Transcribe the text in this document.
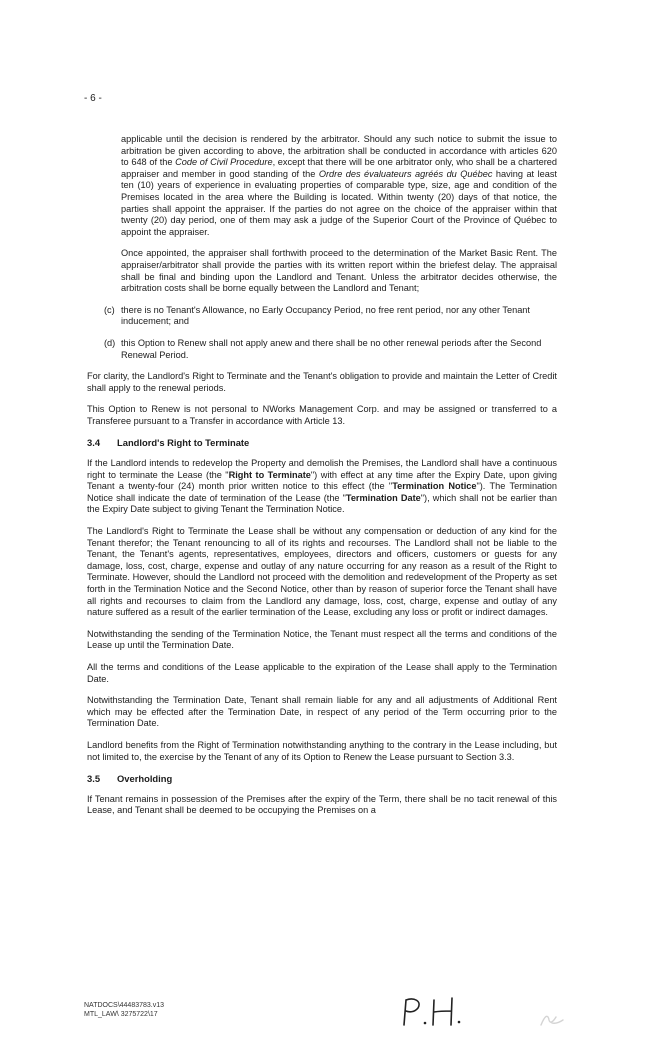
- 6 -

applicable until the decision is rendered by the arbitrator. Should any such notice to submit the issue to arbitration be given according to above, the arbitration shall be conducted in accordance with articles 620 to 648 of the Code of Civil Procedure, except that there will be one arbitrator only, who shall be a chartered appraiser and member in good standing of the Ordre des évaluateurs agréés du Québec having at least ten (10) years of experience in evaluating properties of comparable type, size, age and condition of the Premises located in the area where the Building is located. Within twenty (20) days of that notice, the parties shall appoint the appraiser. If the parties do not agree on the choice of the appraiser within that twenty (20) day period, one of them may ask a judge of the Superior Court of the Province of Québec to appoint the appraiser.

Once appointed, the appraiser shall forthwith proceed to the determination of the Market Basic Rent. The appraiser/arbitrator shall provide the parties with its written report within the briefest delay. The appraisal shall be final and binding upon the Landlord and Tenant. Unless the arbitrator decides otherwise, the arbitration costs shall be borne equally between the Landlord and Tenant;

(c) there is no Tenant's Allowance, no Early Occupancy Period, no free rent period, nor any other Tenant inducement; and
(d) this Option to Renew shall not apply anew and there shall be no other renewal periods after the Second Renewal Period.

For clarity, the Landlord's Right to Terminate and the Tenant's obligation to provide and maintain the Letter of Credit shall apply to the renewal periods.

This Option to Renew is not personal to NWorks Management Corp. and may be assigned or transferred to a Transferee pursuant to a Transfer in accordance with Article 13.

3.4	Landlord's Right to Terminate

If the Landlord intends to redevelop the Property and demolish the Premises, the Landlord shall have a continuous right to terminate the Lease (the "Right to Terminate") with effect at any time after the Expiry Date, upon giving Tenant a twenty-four (24) month prior written notice to this effect (the "Termination Notice"). The Termination Notice shall indicate the date of termination of the Lease (the "Termination Date"), which shall not be earlier than the Expiry Date subject to giving Tenant the Termination Notice.

The Landlord's Right to Terminate the Lease shall be without any compensation or deduction of any kind for the Tenant therefor; the Tenant renouncing to all of its rights and recourses. The Landlord shall not be liable to the Tenant, the Tenant's agents, representatives, employees, directors and officers, customers or guests for any damage, loss, cost, charge, expense and outlay of any nature occurring for any reason as a result of the Right to Terminate. However, should the Landlord not proceed with the demolition and redevelopment of the Property as set forth in the Termination Notice and the Second Notice, other than by reason of superior force the Tenant shall have all rights and recourses to claim from the Landlord any damage, loss, cost, charge, expense and outlay of any nature suffered as a result of the earlier termination of the Lease, excluding any loss or profit or indirect damages.

Notwithstanding the sending of the Termination Notice, the Tenant must respect all the terms and conditions of the Lease up until the Termination Date.

All the terms and conditions of the Lease applicable to the expiration of the Lease shall apply to the Termination Date.

Notwithstanding the Termination Date, Tenant shall remain liable for any and all adjustments of Additional Rent which may be effected after the Termination Date, in respect of any period of the Term occurring prior to the Termination Date.

Landlord benefits from the Right of Termination notwithstanding anything to the contrary in the Lease including, but not limited to, the exercise by the Tenant of any of its Option to Renew the Lease pursuant to Section 3.3.

3.5	Overholding

If Tenant remains in possession of the Premises after the expiry of the Term, there shall be no tacit renewal of this Lease, and Tenant shall be deemed to be occupying the Premises on a

NATDOCS\44483783.v13
MTL_LAW\ 3275722\17
